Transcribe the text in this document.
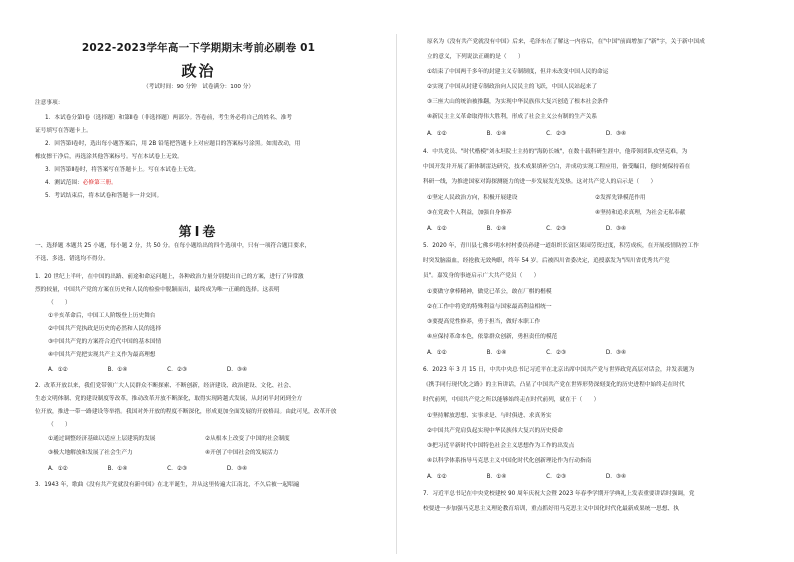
2022-2023学年高一下学期期末考前必刷卷 01
政治
（考试时间：90 分钟　试卷满分：100 分）
注意事项：
1．本试卷分第Ⅰ卷（选择题）和第Ⅱ卷（非选择题）两部分。答卷前，考生务必将自己的姓名、准考
证号填写在答题卡上。
2．回答第Ⅰ卷时，选出每小题答案后，用 2B 铅笔把答题卡上对应题目的答案标号涂黑。如需改动，用
橡皮擦干净后，再选涂其他答案标号。写在本试卷上无效。
3．回答第Ⅱ卷时，将答案写在答题卡上。写在本试卷上无效。
4．测试范围：必修第三册。
5．考试结束后，将本试卷和答题卡一并交回。
第Ⅰ卷
一、选择题 本题共 25 小题，每小题 2 分，共 50 分。在每小题给出的四个选项中，只有一项符合题目要求，
不选、多选、错选均不得分。
1．20 世纪上半叶，在中国的出路、前途和命运问题上，各种政治力量分别提出自己的方案，进行了异常激
烈的较量，中国共产党的方案在历史和人民的检验中脱颖而出，最终成为唯一正确的选择。这表明
（　　）
①辛亥革命后，中国工人阶级登上历史舞台
②中国共产党执政是历史的必然和人民的选择
③中国共产党的方案符合近代中国的基本国情
④中国共产党把实现共产主义作为最高理想
A．①②　　　　　　　B．①④　　　　　　　C．②③　　　　　　　D．③④
2．改革开放以来，我们党带领广大人民群众不断探索、不断创新，经济建设、政治建设、文化、社会、
生态文明体制、党的建设制度等改革，推动改革开放不断深化，取得实现跨越式发展，从封闭半封闭到全方
位开放，推进一带一路建设等举措。我国对外开放的程度不断深化，形成更加全面发展的开放格局。由此可见，改革开放
（　　）
①通过调整经济基础以适应上层建筑的发展	②从根本上改变了中国的社会制度
③极大地解放和发展了社会生产力	④开创了中国社会的发展活力
A．①②　　　　　　　B．①④　　　　　　　C．②③　　　　　　　D．③④
3．1943 年，歌曲《没有共产党就没有新中国》在北平诞生，并从这里传遍大江南北，不久后被一起唱遍
原名为《没有共产党就没有中国》后来，毛泽东在了解这一内容后，在"中国"前面增加了"新"字，关于新中国成
立的意义，下列说法正确的是（　　）
①结束了中国两千多年的封建主义专制制度，但并未改变中国人民的命运
②实现了中国从封建专制政治向人民民主的飞跃，中国人民站起来了
③三座大山的统治被推翻，为实现中华民族伟大复兴创造了根本社会条件
④新民主主义革命取得伟大胜利，形成了社会主义公有制的生产关系
A．①②　　　　　　　B．①④　　　　　　　C．②③　　　　　　　D．③④
4．中共党员、"时代楷模"刘永坦院士主持的"海防长城"，在数十载科研生涯中，他带领团队攻坚克难，为
中国开发并开展了新体制雷达研究，技术成果填补空白，并成功实现工程应用，备受瞩目，他时刻保持着在
科研一线，为推进国家对海探测能力的进一步发展发光发热。这对共产党人的启示是（　　）
①坚定人民政治方向，积极开展建设	②发挥先锋模范作用
③在党政个人利益，加强自身修养	④坚持和追求真理，为社会无私奉献
A．①②　　　　　　　B．①④　　　　　　　C．②③　　　　　　　D．③④
5．2020 年，青川县七佛乡明水村村委员孙建一道组织长富区果园劳资过度，积劳成疾，在开展疫情防控工作
时突发脑溢血，经抢救无效殉职，终年 54 岁。后被四川省委决定，追授嘉发为"四川省优秀共产党
员"。嘉发身的事迹启示广大共产党员（　　）
①要做守拿棒精神，做党已革公，敢在厂棋的楷模
②在工作中将党的特殊利益与国家最高利益相统一
③要提高党性修养，勇于担当，做好本职工作
④应保持革命本色，依靠群众创新，勇担责任的模范
A．①②　　　　　　　B．①④　　　　　　　C．②③　　　　　　　D．③④
6．2023 年 3 月 15 日，中共中央总书记习近平在北京出席中国共产党与世界政党高层对话会，并发表题为
《携手同行现代化之路》的主旨讲话，凸显了中国共产党在世界形势深刻变化的历史进程中始终走在时代
时代前列，中国共产党之所以能够始终走在时代前列，就在于（　　）
①坚持解放思想、实事求是、与时俱进、求真务实
②中国共产党肩负起实现中华民族伟大复兴的历史使命
③把习近平新时代中国特色社会主义思想作为工作的出发点
④以科学体系指导马克思主义中国化时代化创新理论作为行动指南
A．①②　　　　　　　B．①④　　　　　　　C．②③　　　　　　　D．③④
7．习近平总书记在中央党校建校 90 周年庆祝大会暨 2023 年春季学期开学典礼上发表重要讲话时强调，党
校要进一步加强马克思主义理论教育培训，重点抓好用马克思主义中国化时代化最新成果统一思想、执
